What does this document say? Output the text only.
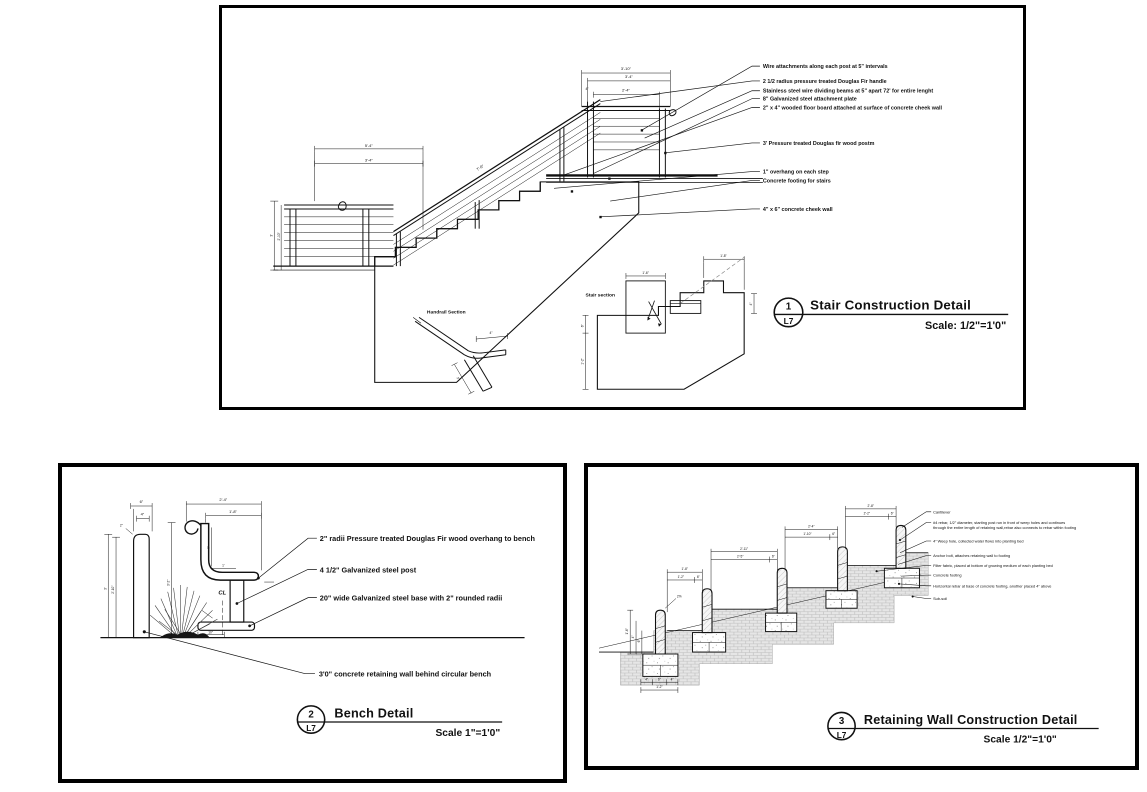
5'-4"
3'-4"
3' 2'-10"
3'-10"
3'-4"
2'-4"
4"
7'-6"
Wire attachments along each post at 5" intervals
2 1/2 radius pressure treated Douglas Fir handle
Stainless steel wire dividing beams at 5" apart 72' for entire lenght
8" Galvanized steel attachment plate
2" x 4" wooded floor board attached at surface of concrete cheek wall
3' Pressure treated Douglas fir wood postm
1" overhang on each step
Concrete footing for stairs
4" x 6" concrete cheek wall
Handrail Section
4"
2"
Stair section
1'-6"
1'-8"
6"
1'-2"
4"	1
L7
Stair Construction Detail
Scale: 1/2"=1'0"
CL
6"
4"
2"
3' 2'-10"
3'-2"
2'-4"
1'-8"
1'
1'
10"
2" radii Pressure treated Douglas Fir wood overhang to bench
4 1/2" Galvanized steel post
20" wide Galvanized steel base with 2" rounded radii
3'0" concrete retaining wall behind circular bench
2
L7
Bench Detail
Scale 1"=1'0"
2%
1'-8"
1'-2"	6"
2'-11"
2'-5"	6"
2'-4"
1'-10"	6"
2'-8"
2'-2"	6"
1'-6"
4"
6"
4"	6"	4"
1'-2"
Cantilever
#4 rebar, 1/2" diameter, starting post run in front of weep holes and continues
through the entire length of retaining wall,rebar also connects to rebar within footing
4" Weep hole, collected water flows into planting bed
Anchor bolt, attaches retaining wall to footing
Filter fabric, placed at bottom of growing medium of each planting bed
Concrete footing
Horizontal rebar at base of concrete footing, another placed 4" above
Sub-soil
3
L7
Retaining Wall Construction Detail
Scale 1/2"=1'0"
